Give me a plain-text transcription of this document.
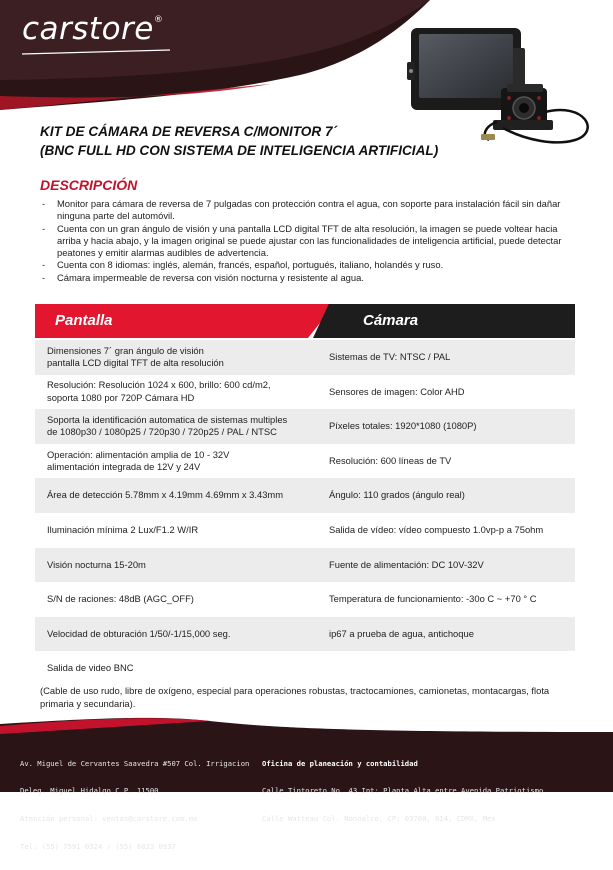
carstore®
KIT DE CÁMARA DE REVERSA C/MONITOR 7´
(BNC FULL HD CON SISTEMA DE INTELIGENCIA ARTIFICIAL)
DESCRIPCIÓN
- Monitor para cámara de reversa de 7 pulgadas con protección contra el agua, con soporte para instalación fácil sin dañar ninguna parte del automóvil.
- Cuenta con un gran ángulo de visión y una pantalla LCD digital TFT de alta resolución, la imagen se puede voltear hacia arriba y hacia abajo, y la imagen original se puede ajustar con las funcionalidades de inteligencia artificial, puede detectar peatones y emitir alarmas audibles de advertencia.
- Cuenta con 8 idiomas: inglés, alemán, francés, español, portugués, italiano, holandés y ruso.
- Cámara impermeable de reversa con visión nocturna y resistente al agua.
Pantalla	Cámara
Dimensiones 7´ gran ángulo de visión
pantalla LCD digital TFT de alta resolución	Sistemas de TV: NTSC / PAL
Resolución: Resolución 1024 x 600, brillo: 600 cd/m2,
soporta 1080 por 720P Cámara HD	Sensores de imagen: Color AHD
Soporta la identificación automatica de sistemas multiples
de 1080p30 / 1080p25 / 720p30 / 720p25 / PAL / NTSC	Píxeles totales: 1920*1080 (1080P)
Operación: alimentación amplia de 10 - 32V
alimentación integrada de 12V y 24V	Resolución: 600 líneas de TV
Área de detección 5.78mm x 4.19mm 4.69mm x 3.43mm	Ángulo: 110 grados (ángulo real)
Iluminación mínima 2 Lux/F1.2 W/IR	Salida de vídeo: vídeo compuesto 1.0vp-p a 75ohm
Visión nocturna 15-20m	Fuente de alimentación: DC 10V-32V
S/N de raciones: 48dB (AGC_OFF)	Temperatura de funcionamiento: -30o C ~ +70 ° C
Velocidad de obturación 1/50/-1/15,000 seg.	ip67 a prueba de agua, antichoque
Salida de video BNC	
(Cable de uso rudo, libre de oxígeno, especial para operaciones robustas, tractocamiones, camionetas, montacargas, flota primaria y secundaria).

Av. Miguel de Cervantes Saavedra #507 Col. Irrigacion

Deleg. Miguel Hidalgo C.P. 11500

Atención personal: ventas@carstore.com.mx

Tel: (55) 7591 0324 / (55) 6823 0937

Oficina de planeación y contabilidad

Calle Tintoreto No. 43 Int: Planta Alta entre Avenida Patriotismo

Calle Watteau Col. Nonoalco, CP: 03700, 014, CDMX, Mex
